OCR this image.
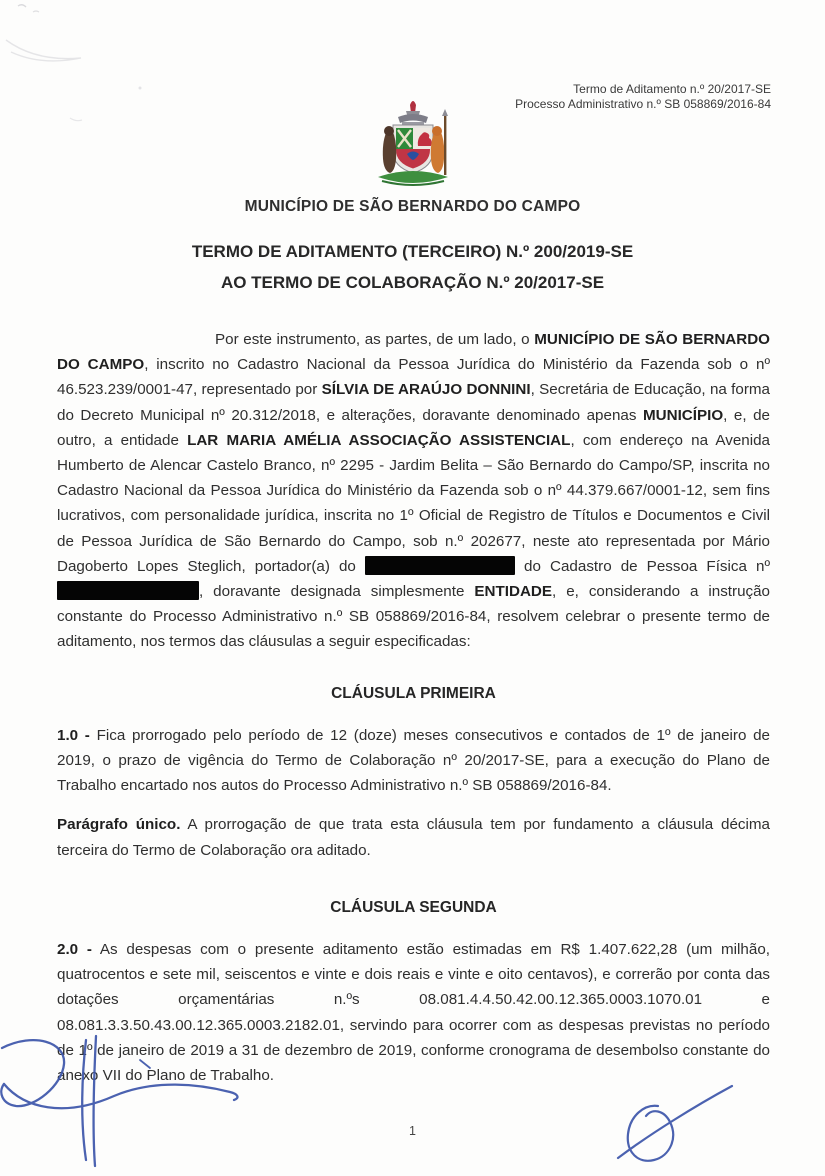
Termo de Aditamento n.º 20/2017-SE
Processo Administrativo n.º SB 058869/2016-84
MUNICÍPIO DE SÃO BERNARDO DO CAMPO
TERMO DE ADITAMENTO (TERCEIRO) N.º 200/2019-SE
AO TERMO DE COLABORAÇÃO N.º 20/2017-SE

Por este instrumento, as partes, de um lado, o MUNICÍPIO DE SÃO BERNARDO DO CAMPO, inscrito no Cadastro Nacional da Pessoa Jurídica do Ministério da Fazenda sob o nº 46.523.239/0001-47, representado por SÍLVIA DE ARAÚJO DONNINI, Secretária de Educação, na forma do Decreto Municipal nº 20.312/2018, e alterações, doravante denominado apenas MUNICÍPIO, e, de outro, a entidade LAR MARIA AMÉLIA ASSOCIAÇÃO ASSISTENCIAL, com endereço na Avenida Humberto de Alencar Castelo Branco, nº 2295 - Jardim Belita – São Bernardo do Campo/SP, inscrita no Cadastro Nacional da Pessoa Jurídica do Ministério da Fazenda sob o nº 44.379.667/0001-12, sem fins lucrativos, com personalidade jurídica, inscrita no 1º Oficial de Registro de Títulos e Documentos e Civil de Pessoa Jurídica de São Bernardo do Campo, sob n.º 202677, neste ato representada por Mário Dagoberto Lopes Steglich, portador(a) do	do Cadastro de Pessoa Física nº , doravante designada simplesmente ENTIDADE, e, considerando a instrução constante do Processo Administrativo n.º SB 058869/2016-84, resolvem celebrar o presente termo de aditamento, nos termos das cláusulas a seguir especificadas:

CLÁUSULA PRIMEIRA

1.0 - Fica prorrogado pelo período de 12 (doze) meses consecutivos e contados de 1º de janeiro de 2019, o prazo de vigência do Termo de Colaboração nº 20/2017-SE, para a execução do Plano de Trabalho encartado nos autos do Processo Administrativo n.º SB 058869/2016-84.

Parágrafo único. A prorrogação de que trata esta cláusula tem por fundamento a cláusula décima terceira do Termo de Colaboração ora aditado.

CLÁUSULA SEGUNDA

2.0 - As despesas com o presente aditamento estão estimadas em R$ 1.407.622,28 (um milhão, quatrocentos e sete mil, seiscentos e vinte e dois reais e vinte e oito centavos), e correrão por conta das dotações orçamentárias n.ºs 08.081.4.4.50.42.00.12.365.0003.1070.01 e 08.081.3.3.50.43.00.12.365.0003.2182.01, servindo para ocorrer com as despesas previstas no período de 1º de janeiro de 2019 a 31 de dezembro de 2019, conforme cronograma de desembolso constante do anexo VII do Plano de Trabalho.

1
